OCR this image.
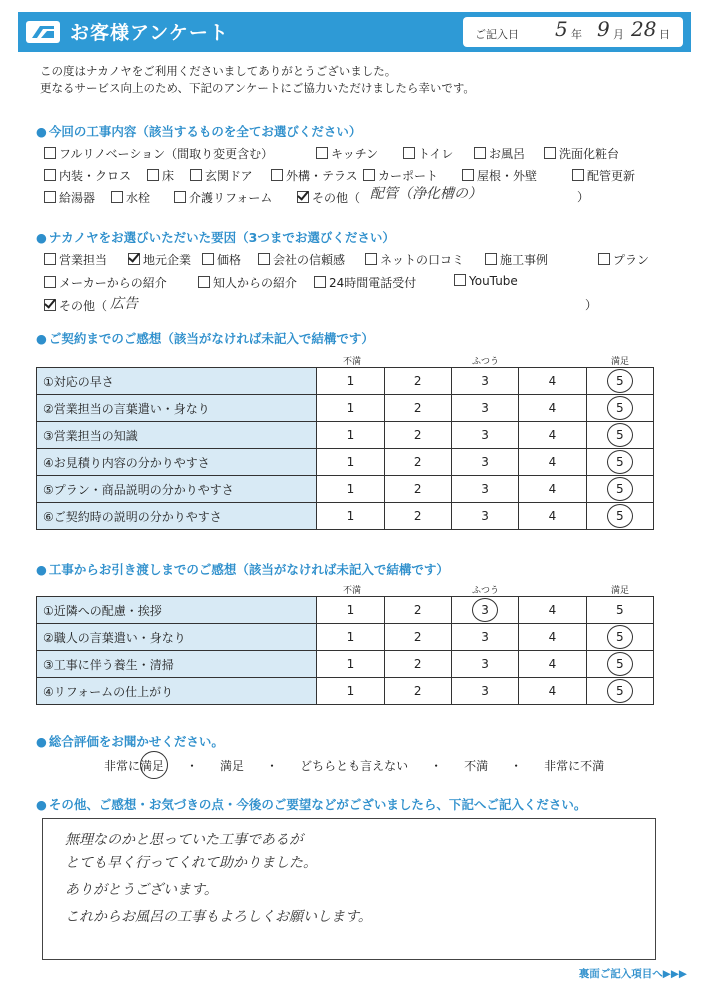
お客様アンケート	ご記入日 5 年 9 月 28 日
この度はナカノヤをご利用くださいましてありがとうございました。
更なるサービス向上のため、下記のアンケートにご協力いただけましたら幸いです。
● 今回の工事内容（該当するものを全てお選びください）
フルリノベーション（間取り変更含む）	キッチン	トイレ	お風呂	洗面化粧台
内装・クロス	床	玄関ドア	外構・テラス	カーポート	屋根・外壁	配管更新
給湯器	水栓	介護リフォーム	その他（ 配管（浄化槽の）	）
● ナカノヤをお選びいただいた要因（3つまでお選びください）
営業担当	地元企業	価格	会社の信頼感	ネットの口コミ	施工事例	プラン
メーカーからの紹介	知人からの紹介	24時間電話受付	YouTube
その他（ 広告	）
● ご契約までのご感想（該当がなければ未記入で結構です）
不満	ふつう	満足
①対応の早さ	1	2	3	4	5

②営業担当の言葉遣い・身なり	1	2	3	4	5

③営業担当の知識	1	2	3	4	5

④お見積り内容の分かりやすさ	1	2	3	4	5

⑤プラン・商品説明の分かりやすさ	1	2	3	4	5

⑥ご契約時の説明の分かりやすさ	1	2	3	4	5
● 工事からお引き渡しまでのご感想（該当がなければ未記入で結構です）
不満	ふつう	満足
①近隣への配慮・挨拶	1	2	3	4	5
②職人の言葉遣い・身なり	1	2	3	4	5

③工事に伴う養生・清掃	1	2	3	4	5

④リフォームの仕上がり	1	2	3	4	5
● 総合評価をお聞かせください。
非常に満足 ・ 満足 ・ どちらとも言えない ・ 不満 ・ 非常に不満
● その他、ご感想・お気づきの点・今後のご要望などがございましたら、下記へご記入ください。
無理なのかと思っていた工事であるが
とても早く行ってくれて助かりました。
ありがとうございます。
これからお風呂の工事もよろしくお願いします。
裏面ご記入項目へ▶▶▶
